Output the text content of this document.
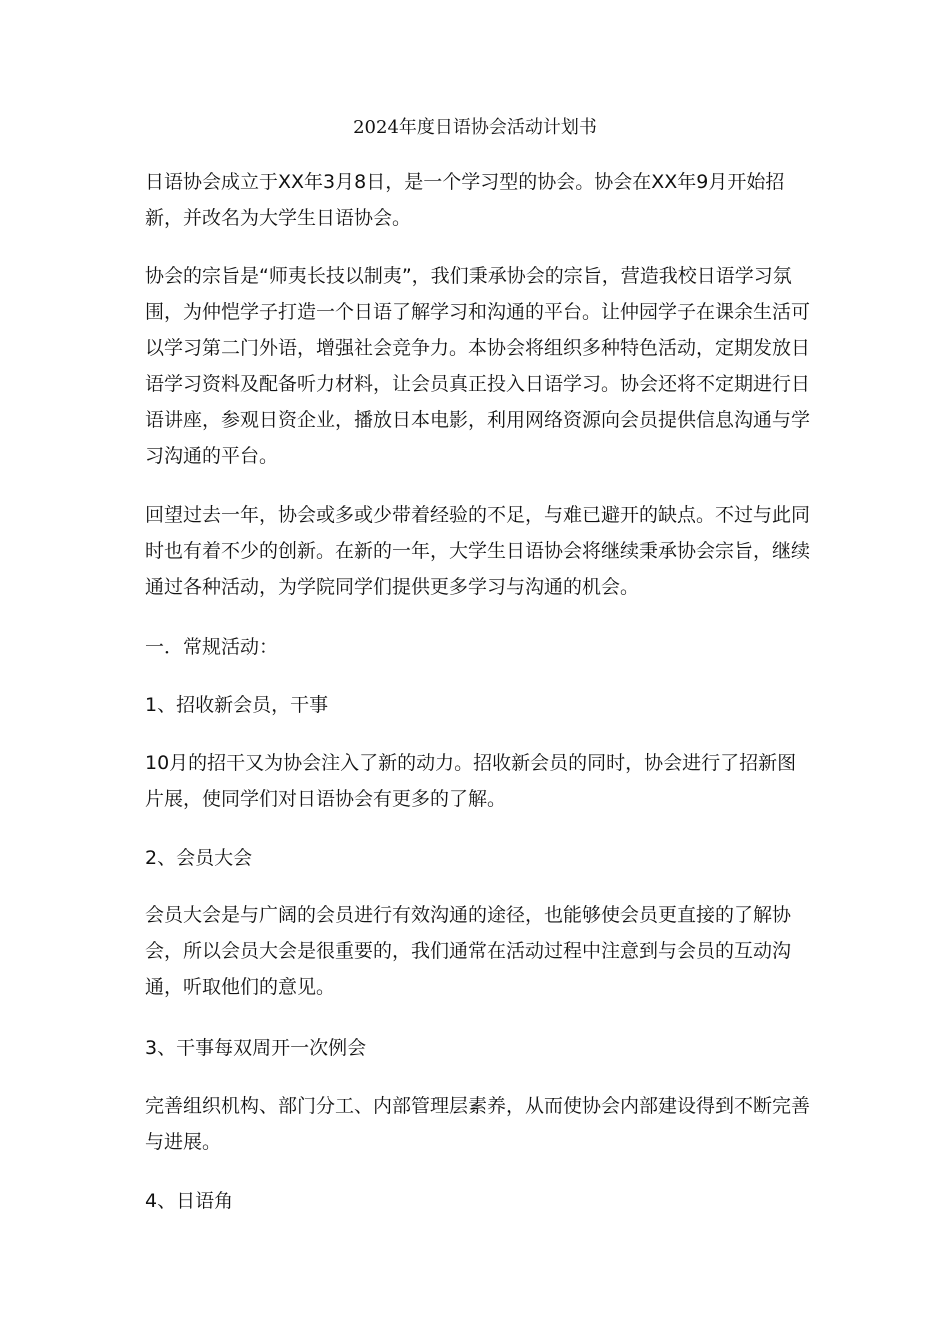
2024年度日语协会活动计划书

日语协会成立于XX年3月8日，是一个学习型的协会。协会在XX年9月开始招新，并改名为大学生日语协会。

协会的宗旨是“师夷长技以制夷”，我们秉承协会的宗旨，营造我校日语学习氛围，为仲恺学子打造一个日语了解学习和沟通的平台。让仲园学子在课余生活可以学习第二门外语，增强社会竞争力。本协会将组织多种特色活动，定期发放日语学习资料及配备听力材料，让会员真正投入日语学习。协会还将不定期进行日语讲座，参观日资企业，播放日本电影，利用网络资源向会员提供信息沟通与学习沟通的平台。

回望过去一年，协会或多或少带着经验的不足，与难已避开的缺点。不过与此同时也有着不少的创新。在新的一年，大学生日语协会将继续秉承协会宗旨，继续通过各种活动，为学院同学们提供更多学习与沟通的机会。

一．常规活动：

1、招收新会员，干事

10月的招干又为协会注入了新的动力。招收新会员的同时，协会进行了招新图片展，使同学们对日语协会有更多的了解。

2、会员大会

会员大会是与广阔的会员进行有效沟通的途径，也能够使会员更直接的了解协会，所以会员大会是很重要的，我们通常在活动过程中注意到与会员的互动沟通，听取他们的意见。

3、干事每双周开一次例会

完善组织机构、部门分工、内部管理层素养，从而使协会内部建设得到不断完善与进展。

4、日语角
